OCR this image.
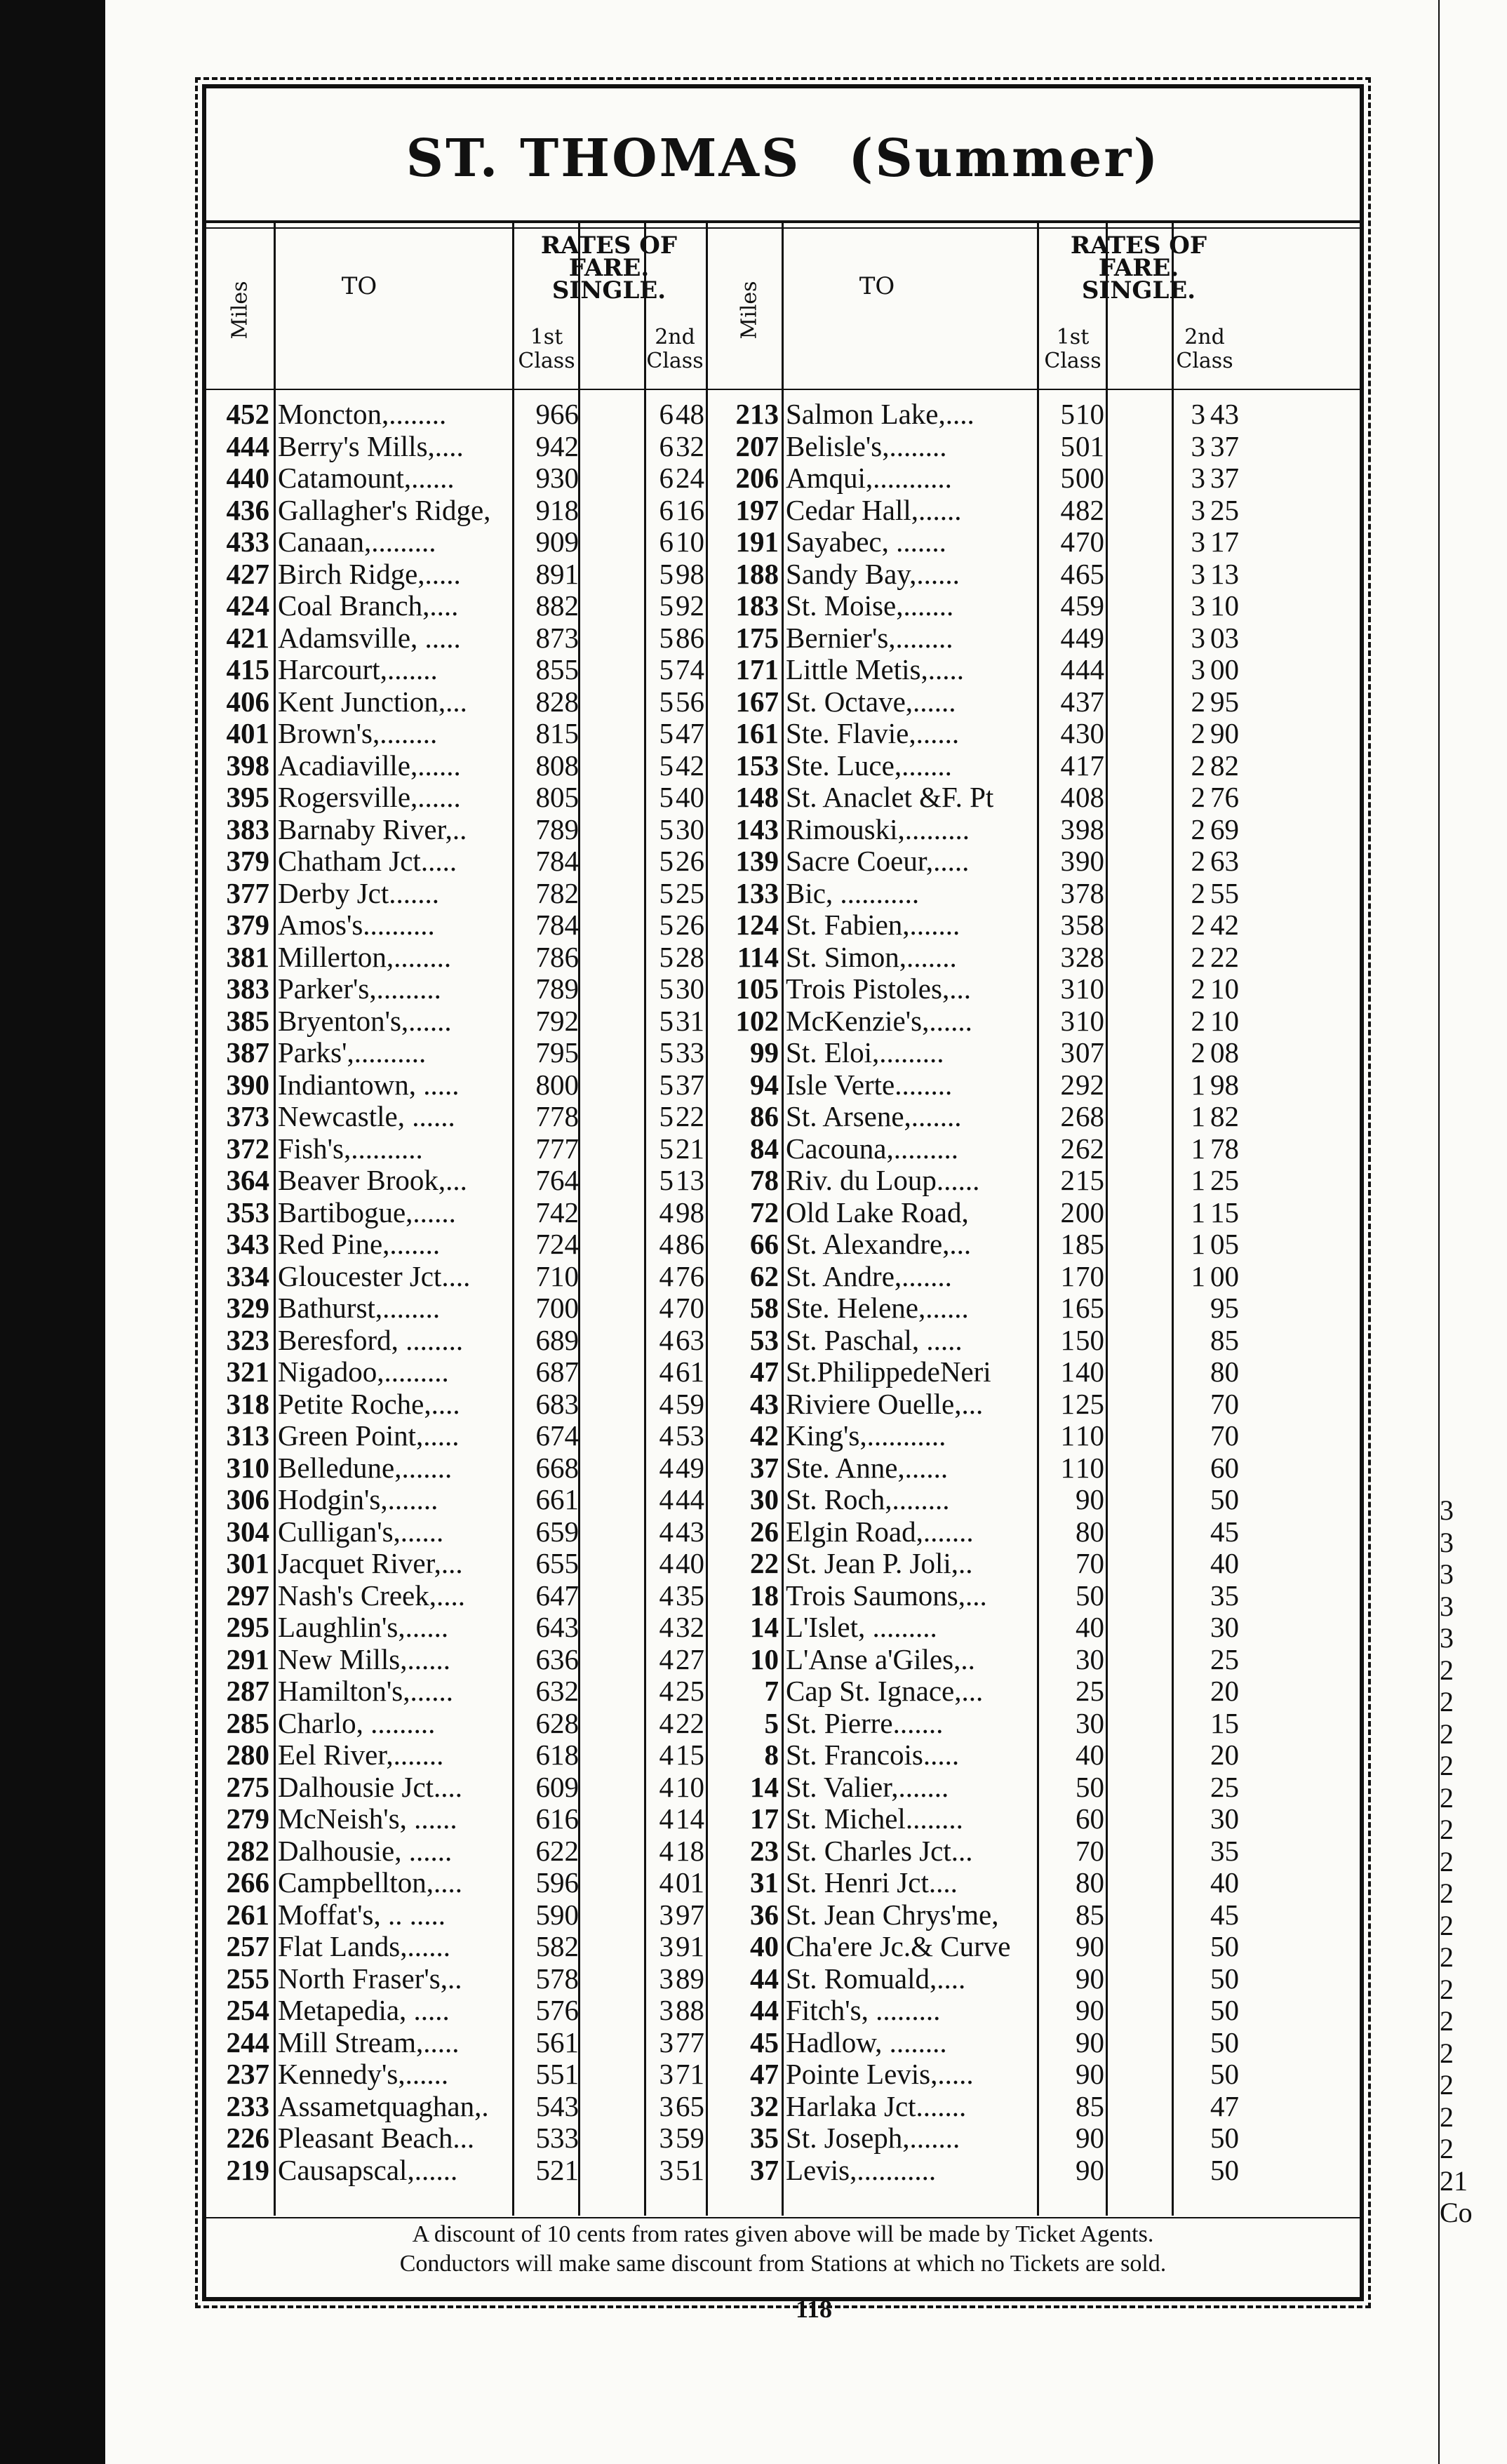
ST. THOMAS (Summer)
Miles	TO
RATES OF
FARE.
SINGLE.
1st
Class
2nd
Class
Miles	TO
RATES OF
FARE.
SINGLE.
1st
Class
2nd
Class
452 Moncton,........	9 66	6 48	213 Salmon Lake,....	5 10	3 43
444 Berry's Mills,....	9 42	6 32	207 Belisle's,........	5 01	3 37
440 Catamount,......	9 30	6 24	206 Amqui,...........	5 00	3 37
436 Gallagher's Ridge,	9 18	6 16	197 Cedar Hall,......	4 82	3 25
433 Canaan,.........	9 09	6 10	191 Sayabec, .......	4 70	3 17
427 Birch Ridge,.....	8 91	5 98	188 Sandy Bay,......	4 65	3 13
424 Coal Branch,....	8 82	5 92	183 St. Moise,.......	4 59	3 10
421 Adamsville, .....	8 73	5 86	175 Bernier's,........	4 49	3 03
415 Harcourt,.......	8 55	5 74	171 Little Metis,.....	4 44	3 00
406 Kent Junction,...	8 28	5 56	167 St. Octave,......	4 37	2 95
401 Brown's,........	8 15	5 47	161 Ste. Flavie,......	4 30	2 90
398 Acadiaville,......	8 08	5 42	153 Ste. Luce,.......	4 17	2 82
395 Rogersville,......	8 05	5 40	148 St. Anaclet &F. Pt	4 08	2 76
383 Barnaby River,..	7 89	5 30	143 Rimouski,.........	3 98	2 69
379 Chatham Jct.....	7 84	5 26	139 Sacre Coeur,.....	3 90	2 63
377 Derby Jct.......	7 82	5 25	133 Bic, ...........	3 78	2 55
379 Amos's..........	7 84	5 26	124 St. Fabien,.......	3 58	2 42
381 Millerton,........	7 86	5 28	114 St. Simon,.......	3 28	2 22
383 Parker's,.........	7 89	5 30	105 Trois Pistoles,...	3 10	2 10
385 Bryenton's,......	7 92	5 31	102 McKenzie's,......	3 10	2 10
387 Parks',..........	7 95	5 33	99 St. Eloi,.........	3 07	2 08
390 Indiantown, .....	8 00	5 37	94 Isle Verte........	2 92	1 98
373 Newcastle, ......	7 78	5 22	86 St. Arsene,.......	2 68	1 82
372 Fish's,..........	7 77	5 21	84 Cacouna,.........	2 62	1 78
364 Beaver Brook,...	7 64	5 13	78 Riv. du Loup......	2 15	1 25
353 Bartibogue,......	7 42	4 98	72 Old Lake Road,	2 00	1 15
343 Red Pine,.......	7 24	4 86	66 St. Alexandre,...	1 85	1 05
334 Gloucester Jct....	7 10	4 76	62 St. Andre,.......	1 70	1 00
329 Bathurst,........	7 00	4 70	58 Ste. Helene,......	1 65	95
323 Beresford, ........	6 89	4 63	53 St. Paschal, .....	1 50	85
321 Nigadoo,.........	6 87	4 61	47 St.PhilippedeNeri	1 40	80
318 Petite Roche,....	6 83	4 59	43 Riviere Ouelle,...	1 25	70
313 Green Point,.....	6 74	4 53	42 King's,...........	1 10	70
310 Belledune,.......	6 68	4 49	37 Ste. Anne,......	1 10	60
306 Hodgin's,.......	6 61	4 44	30 St. Roch,........	90	50
304 Culligan's,......	6 59	4 43	26 Elgin Road,.......	80	45
301 Jacquet River,...	6 55	4 40	22 St. Jean P. Joli,..	70	40
297 Nash's Creek,....	6 47	4 35	18 Trois Saumons,...	50	35
295 Laughlin's,......	6 43	4 32	14 L'Islet, .........	40	30
291 New Mills,......	6 36	4 27	10 L'Anse a'Giles,..	30	25
287 Hamilton's,......	6 32	4 25	7 Cap St. Ignace,...	25	20
285 Charlo, .........	6 28	4 22	5 St. Pierre.......	30	15
280 Eel River,.......	6 18	4 15	8 St. Francois.....	40	20
275 Dalhousie Jct....	6 09	4 10	14 St. Valier,.......	50	25
279 McNeish's, ......	6 16	4 14	17 St. Michel........	60	30
282 Dalhousie, ......	6 22	4 18	23 St. Charles Jct...	70	35
266 Campbellton,....	5 96	4 01	31 St. Henri Jct....	80	40
261 Moffat's, .. .....	5 90	3 97	36 St. Jean Chrys'me,	85	45
257 Flat Lands,......	5 82	3 91	40 Cha'ere Jc.& Curve	90	50
255 North Fraser's,..	5 78	3 89	44 St. Romuald,....	90	50
254 Metapedia, .....	5 76	3 88	44 Fitch's, .........	90	50
244 Mill Stream,.....	5 61	3 77	45 Hadlow, ........	90	50
237 Kennedy's,......	5 51	3 71	47 Pointe Levis,.....	90	50
233 Assametquaghan,.	5 43	3 65	32 Harlaka Jct.......	85	47
226 Pleasant Beach...	5 33	3 59	35 St. Joseph,.......	90	50
219 Causapscal,......	5 21	3 51	37 Levis,...........	90	50
A discount of 10 cents from rates given above will be made by Ticket Agents.
Conductors will make same discount from Stations at which no Tickets are sold.
118
3
3
3
3
3
2
2
2
2
2
2
2
2
2
2
2
2
2
2
2
2
21
Co
